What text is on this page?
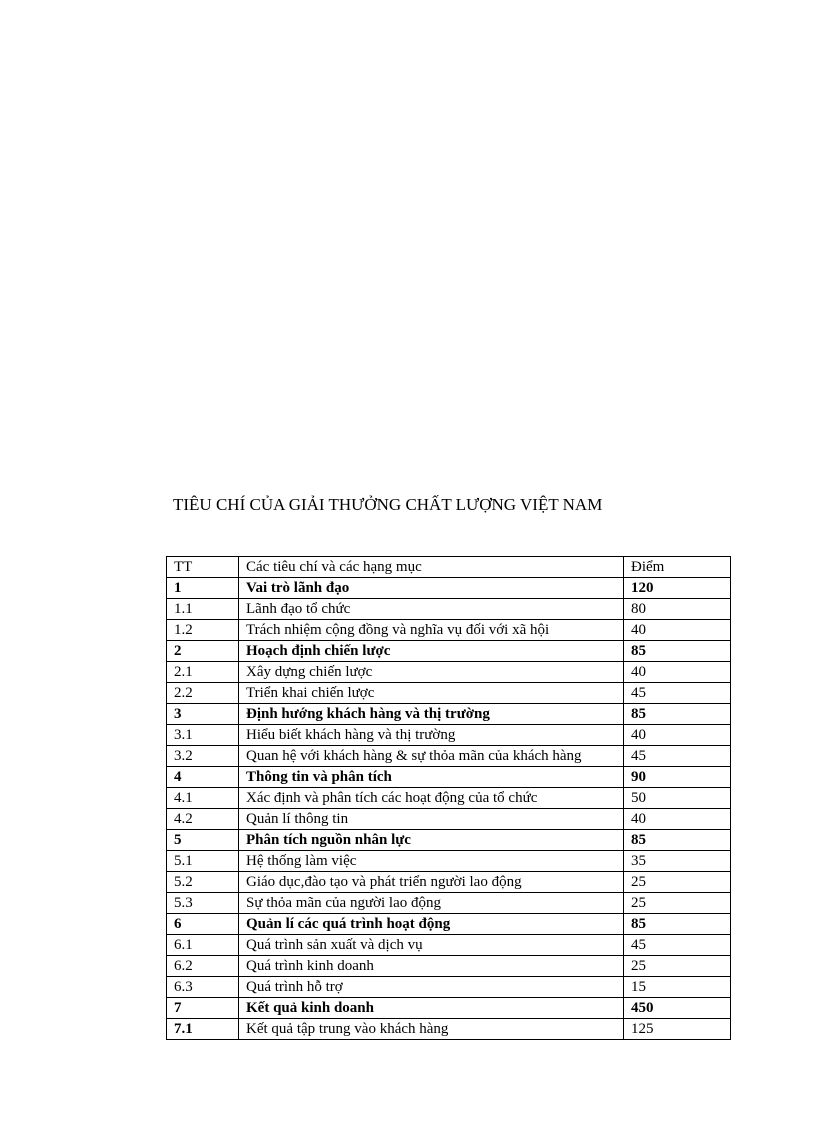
TIÊU CHÍ CỦA GIẢI THƯỞNG CHẤT LƯỢNG VIỆT NAM
TT	Các tiêu chí và các hạng mục	Điểm
1	Vai trò lãnh đạo	120
1.1	Lãnh đạo tổ chức	80
1.2	Trách nhiệm cộng đồng và nghĩa vụ đối với xã hội	40
2	Hoạch định chiến lược	85
2.1	Xây dựng chiến lược	40
2.2	Triển khai chiến lược	45
3	Định hướng khách hàng và thị trường	85
3.1	Hiểu biết khách hàng và thị trường	40
3.2	Quan hệ với khách hàng & sự thỏa mãn của khách hàng	45
4	Thông tin và phân tích	90
4.1	Xác định và phân tích các hoạt động của tổ chức	50
4.2	Quản lí thông tin	40
5	Phân tích nguồn nhân lực	85
5.1	Hệ thống làm việc	35
5.2	Giáo dục,đào tạo và phát triển người lao động	25
5.3	Sự thỏa mãn của người lao động	25
6	Quản lí các quá trình hoạt động	85
6.1	Quá trình sản xuất và dịch vụ	45
6.2	Quá trình kinh doanh	25
6.3	Quá trình hỗ trợ	15
7	Kết quả kinh doanh	450
7.1	Kết quả tập trung vào khách hàng	125
